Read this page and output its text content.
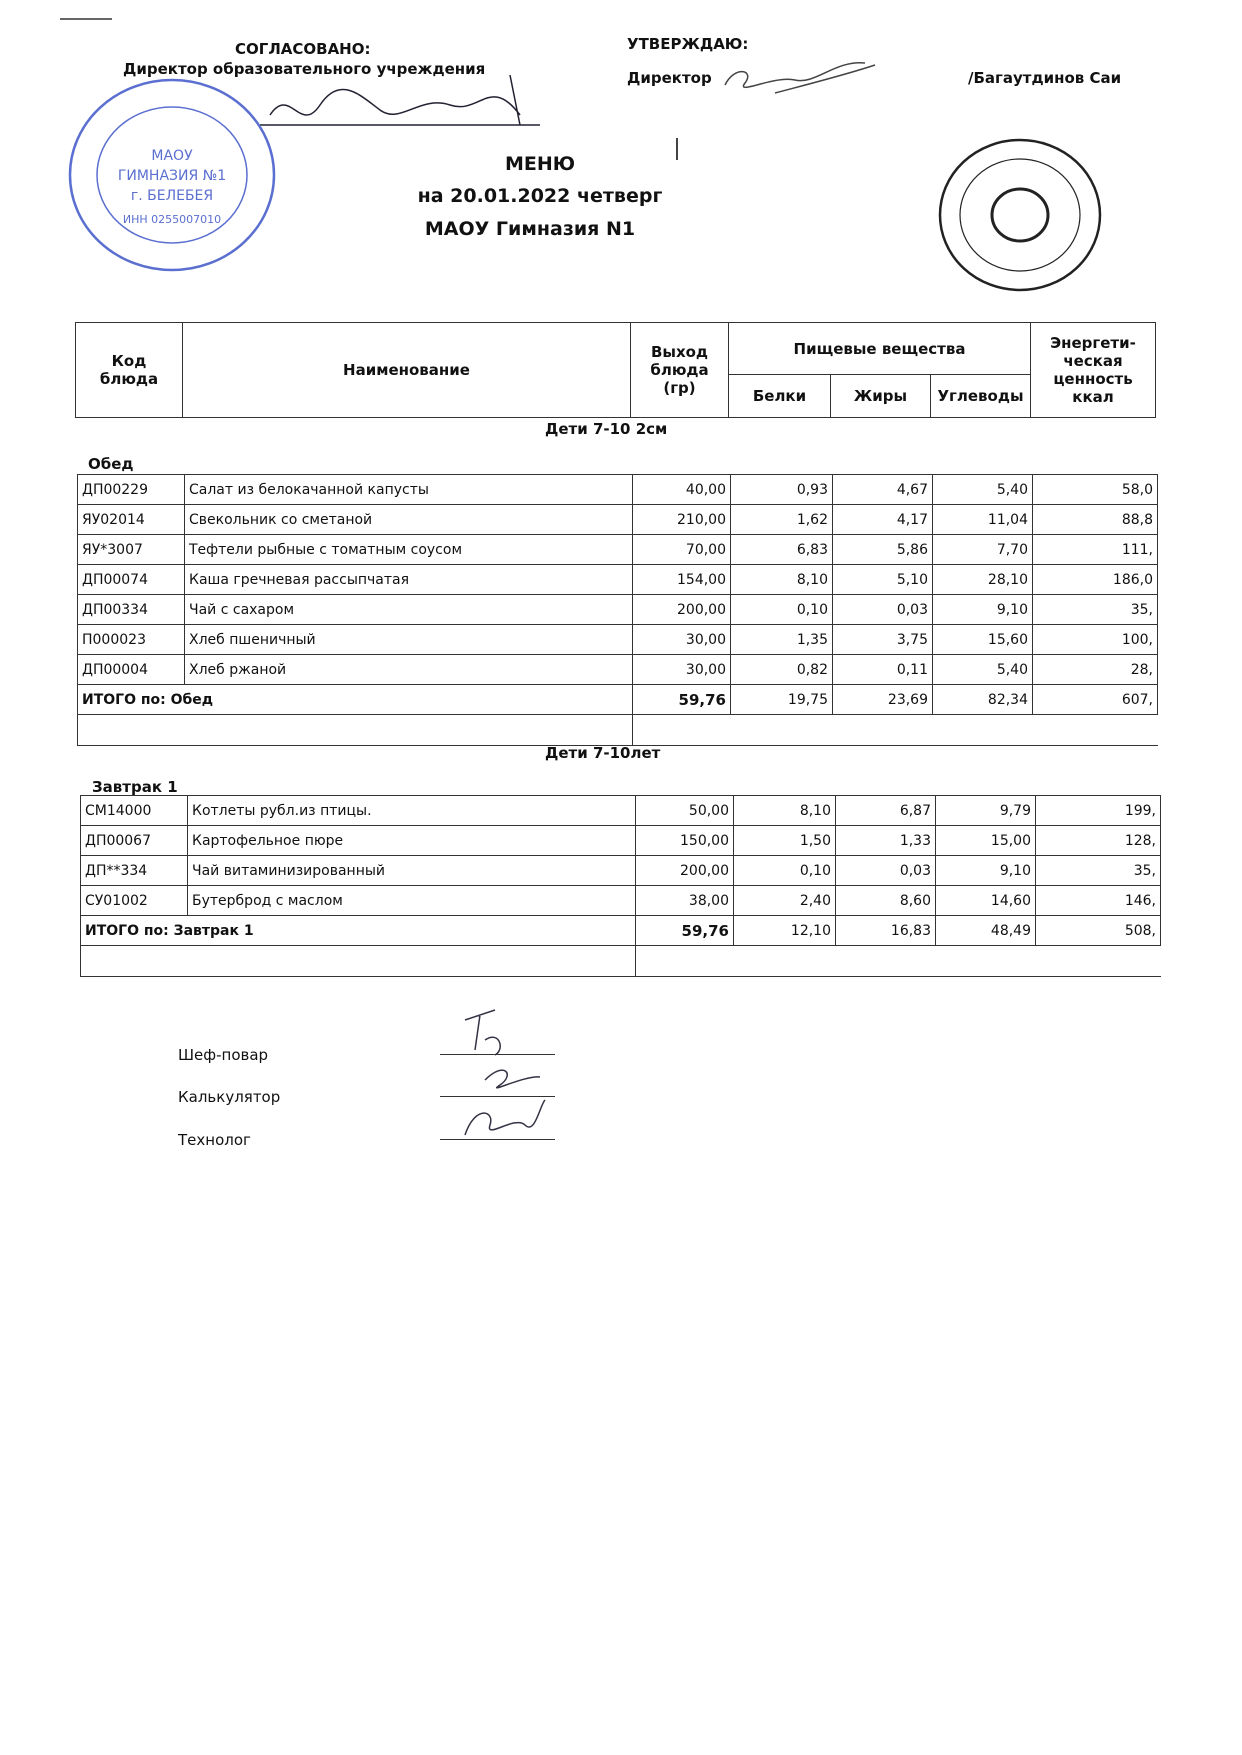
СОГЛАСОВАНО:
Директор образовательного учреждения
УТВЕРЖДАЮ:
Директор	/Багаутдинов Саи
МАОУ
ГИМНАЗИЯ №1
г. БЕЛЕБЕЯ
ИНН 0255007010
МЕНЮ
на 20.01.2022 четверг
МАОУ Гимназия N1
Код блюда	Наименование	Выход блюда (гр)	Пищевые вещества			Энергети-ческая ценность ккал
			Белки	Жиры	Углеводы	
Дети 7-10 2см
Обед
ДП00229	Салат из белокачанной капусты	40,00	0,93	4,67	5,40	58,0
ЯУ02014	Свекольник со сметаной	210,00	1,62	4,17	11,04	88,8
ЯУ*3007	Тефтели рыбные с томатным соусом	70,00	6,83	5,86	7,70	111,
ДП00074	Каша гречневая рассыпчатая	154,00	8,10	5,10	28,10	186,0
ДП00334	Чай с сахаром	200,00	0,10	0,03	9,10	35,
П000023	Хлеб пшеничный	30,00	1,35	3,75	15,60	100,
ДП00004	Хлеб ржаной	30,00	0,82	0,11	5,40	28,
ИТОГО по: Обед		59,76	19,75	23,69	82,34	607,

Дети 7-10лет
Завтрак 1
СМ14000	Котлеты рубл.из птицы.	50,00	8,10	6,87	9,79	199,
ДП00067	Картофельное пюре	150,00	1,50	1,33	15,00	128,
ДП**334	Чай витаминизированный	200,00	0,10	0,03	9,10	35,
СУ01002	Бутерброд с маслом	38,00	2,40	8,60	14,60	146,
ИТОГО по: Завтрак 1		59,76	12,10	16,83	48,49	508,

Шеф-повар
Калькулятор
Технолог
